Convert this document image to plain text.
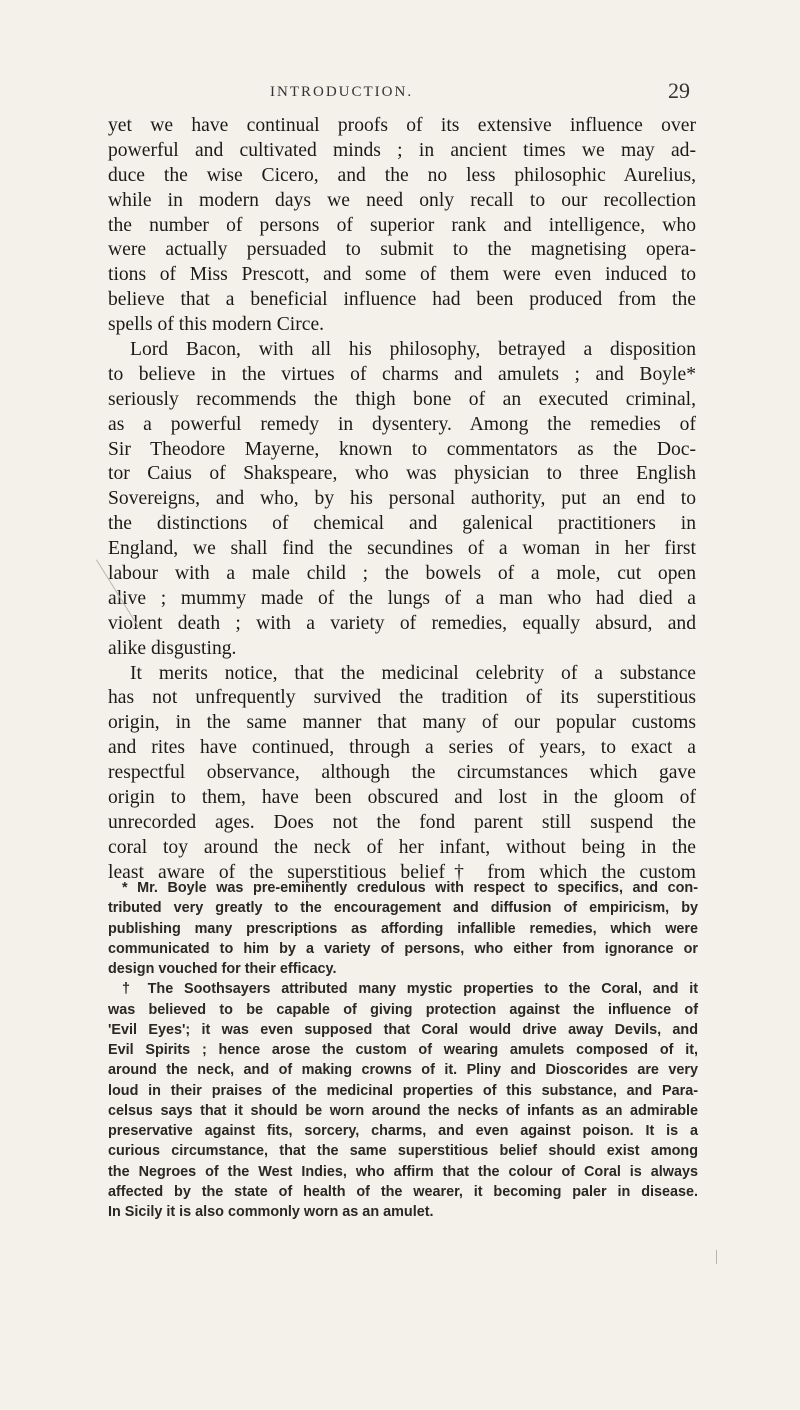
INTRODUCTION.	29
yet we have continual proofs of its extensive influence over
powerful and cultivated minds ; in ancient times we may ad-
duce the wise Cicero, and the no less philosophic Aurelius,
while in modern days we need only recall to our recollection
the number of persons of superior rank and intelligence, who
were actually persuaded to submit to the magnetising opera-
tions of Miss Prescott, and some of them were even induced to
believe that a beneficial influence had been produced from the
spells of this modern Circe.
Lord Bacon, with all his philosophy, betrayed a disposition
to believe in the virtues of charms and amulets ; and Boyle*
seriously recommends the thigh bone of an executed criminal,
as a powerful remedy in dysentery. Among the remedies of
Sir Theodore Mayerne, known to commentators as the Doc-
tor Caius of Shakspeare, who was physician to three English
Sovereigns, and who, by his personal authority, put an end to
the distinctions of chemical and galenical practitioners in
England, we shall find the secundines of a woman in her first
labour with a male child ; the bowels of a mole, cut open
alive ; mummy made of the lungs of a man who had died a
violent death ; with a variety of remedies, equally absurd, and
alike disgusting.
It merits notice, that the medicinal celebrity of a substance
has not unfrequently survived the tradition of its superstitious
origin, in the same manner that many of our popular customs
and rites have continued, through a series of years, to exact a
respectful observance, although the circumstances which gave
origin to them, have been obscured and lost in the gloom of
unrecorded ages. Does not the fond parent still suspend the
coral toy around the neck of her infant, without being in the
least aware of the superstitious belief† from which the custom
* Mr. Boyle was pre-eminently credulous with respect to specifics, and con-
tributed very greatly to the encouragement and diffusion of empiricism, by
publishing many prescriptions as affording infallible remedies, which were
communicated to him by a variety of persons, who either from ignorance or
design vouched for their efficacy.
† The Soothsayers attributed many mystic properties to the Coral, and it
was believed to be capable of giving protection against the influence of
'Evil Eyes'; it was even supposed that Coral would drive away Devils, and
Evil Spirits ; hence arose the custom of wearing amulets composed of it,
around the neck, and of making crowns of it. Pliny and Dioscorides are very
loud in their praises of the medicinal properties of this substance, and Para-
celsus says that it should be worn around the necks of infants as an admirable
preservative against fits, sorcery, charms, and even against poison. It is a
curious circumstance, that the same superstitious belief should exist among
the Negroes of the West Indies, who affirm that the colour of Coral is always
affected by the state of health of the wearer, it becoming paler in disease.
In Sicily it is also commonly worn as an amulet.
